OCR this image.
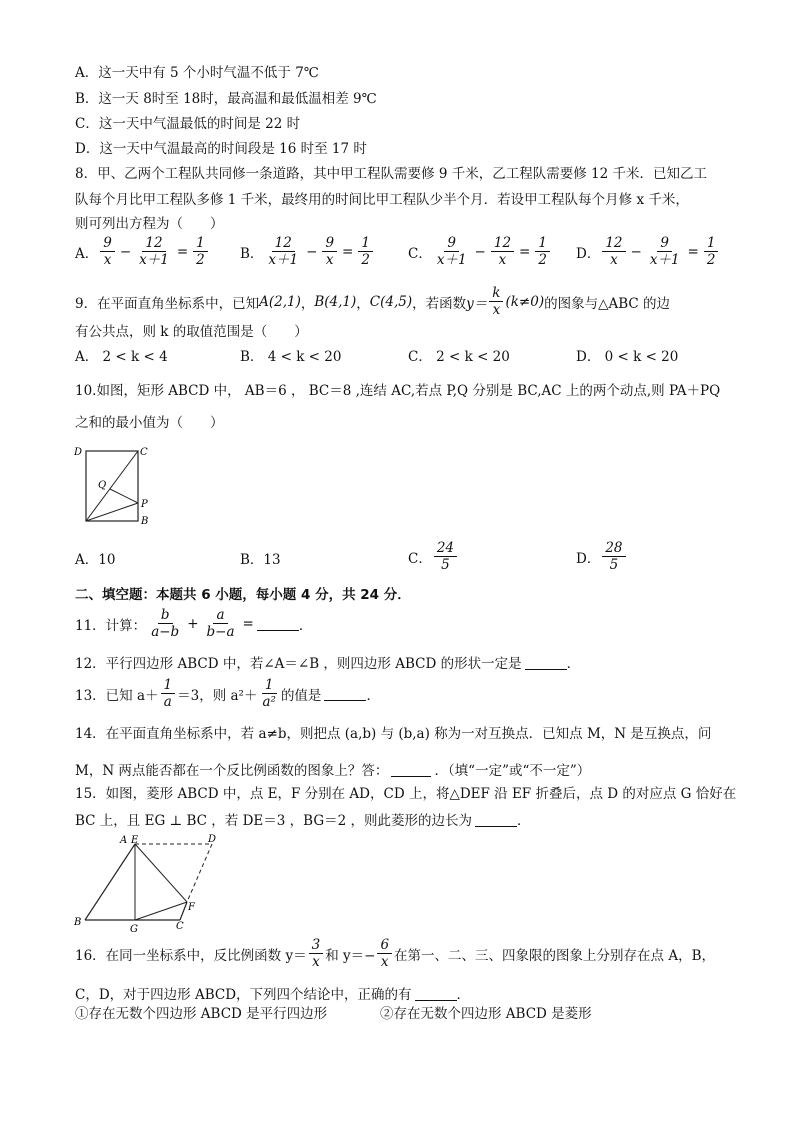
A．这一天中有 5 个小时气温不低于 7℃
B．这一天 8时至 18时，最高温和最低温相差 9℃
C．这一天中气温最低的时间是 22 时
D．这一天中气温最高的时间段是 16 时至 17 时
8．甲、乙两个工程队共同修一条道路，其中甲工程队需要修 9 千米，乙工程队需要修 12 千米．已知乙工
队每个月比甲工程队多修 1 千米，最终用的时间比甲工程队少半个月．若设甲工程队每个月修 x 千米，
则可列出方程为（　　）
A． $\frac{9}{x} - \frac{12}{x+1} = \frac{1}{2}$ B． $\frac{12}{x+1} - \frac{9}{x} = \frac{1}{2}$	C． $\frac{9}{x+1} - \frac{12}{x} = \frac{1}{2}$ D． $\frac{12}{x} - \frac{9}{x+1} = \frac{1}{2}$
9．在平面直角坐标系中，已知 A(2,1) ， B(4,1) ， C(4,5) ，若函数 $y= \frac{k}{x} (k\ne 0)$ 的图象与△ABC 的边
有公共点，则 k 的取值范围是（　　）
A． 2 < k < 4	B． 4 < k < 20	C． 2 < k < 20	D． 0 < k < 20
10.如图，矩形 ABCD 中， AB＝6 ， BC＝8 ,连结 AC,若点 P,Q 分别是 BC,AC 上的两个动点,则 PA＋PQ
之和的最小值为（　　）
D	C
Q
P
B
A．10	B．13	C． $\frac{24}{5}$	D． $\frac{28}{5}$
二、填空题：本题共 6 小题，每小题 4 分，共 24 分．
11．计算： $\frac{b}{a-b} + \frac{a}{b-a}$ =	．
12．平行四边形 ABCD 中，若∠A＝∠B ，则四边形 ABCD 的形状一定是	．
13．已知 $a+ \frac{1}{a} =3$，则 $a^2+ \frac{1}{\text{a²}}$ 的值是	．
14．在平面直角坐标系中，若 a≠b，则把点 (a,b) 与 (b,a) 称为一对互换点．已知点 M，N 是互换点，问
M，N 两点能否都在一个反比例函数的图象上？答：	．（填“一定”或“不一定”）
15．如图，菱形 ABCD 中，点 E，F 分别在 AD，CD 上，将△DEF 沿 EF 折叠后，点 D 的对应点 G 恰好在
BC 上，且 EG ⊥ BC ，若 DE＝3 ，BG＝2 ，则此菱形的边长为	．
A E	D
F
B
G	C
16．在同一坐标系中，反比例函数 $y= \frac{3}{x}$ 和 $y=- \frac{6}{x}$ 在第一、二、三、四象限的图象上分别存在点 A，B，
C，D，对于四边形 ABCD，下列四个结论中，正确的有	．
①存在无数个四边形 ABCD 是平行四边形	②存在无数个四边形 ABCD 是菱形
